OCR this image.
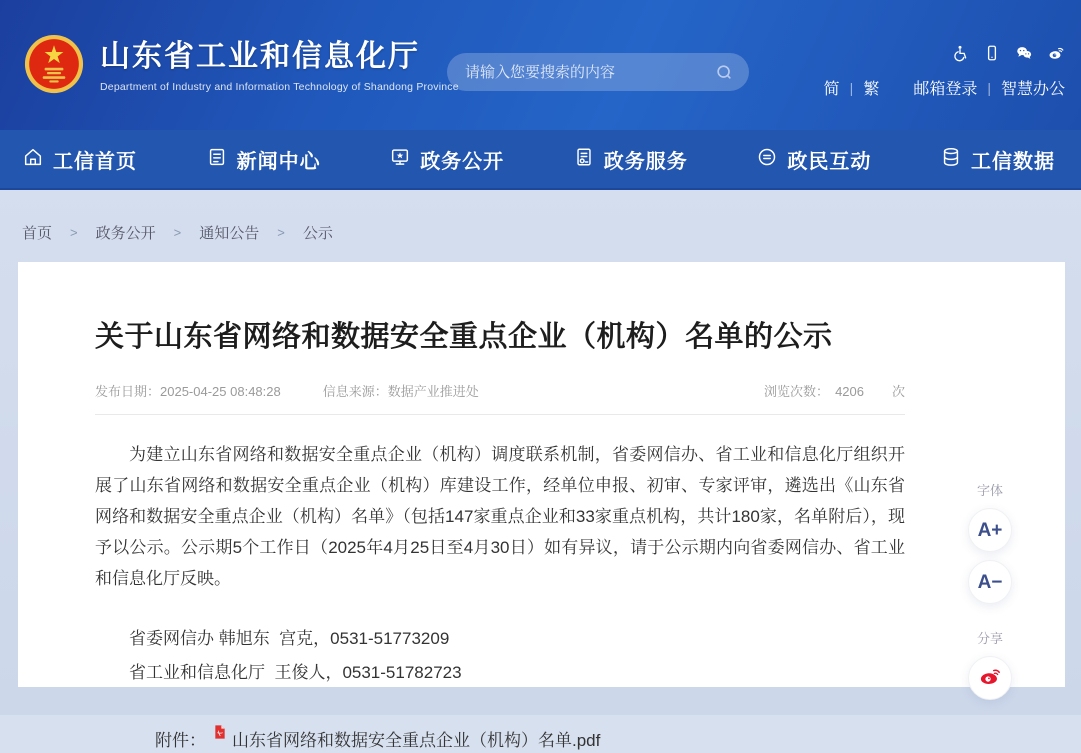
山东省工业和信息化厅
Department of Industry and Information Technology of Shandong Province
请输入您要搜索的内容	简 | 繁 邮箱登录 | 智慧办公
工信首页	新闻中心	政务公开	政务服务	政民互动	工信数据
首页 > 政务公开 > 通知公告 > 公示
关于山东省网络和数据安全重点企业（机构）名单的公示
发布日期：2025-04-25 08:48:28	信息来源：数据产业推进处	浏览次数： 4206 次

为建立山东省网络和数据安全重点企业（机构）调度联系机制，省委网信办、省工业和信息化厅组织开展了山东省网络和数据安全重点企业（机构）库建设工作，经单位申报、初审、专家评审，遴选出《山东省网络和数据安全重点企业（机构）名单》（包括147家重点企业和33家重点机构，共计180家，名单附后），现予以公示。公示期5个工作日（2025年4月25日至4月30日）如有异议，请于公示期内向省委网信办、省工业和信息化厅反映。

省委网信办 韩旭东  宫克，0531-51773209
省工业和信息化厅  王俊人，0531-51782723
附件： 山东省网络和数据安全重点企业（机构）名单.pdf
字体
A+
A−
分享
